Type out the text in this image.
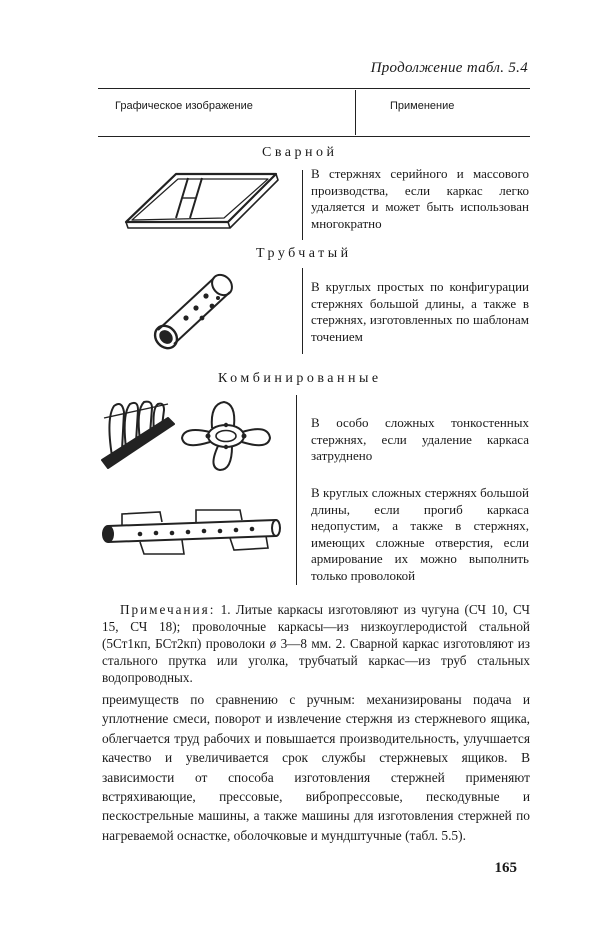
Продолжение табл. 5.4
Графическое изображение	Применение
Сварной

В стержнях серийного и массового производства, если каркас легко удаляется и может быть использован многократно

Трубчатый

В круглых простых по конфигурации стержнях большой длины, а также в стержнях, изготовленных по шаблонам точением

Комбинированные

В особо сложных тонкостенных стержнях, если удаление каркаса затруднено

В круглых сложных стержнях большой длины, если прогиб каркаса недопустим, а также в стержнях, имеющих сложные отверстия, если армирование их можно выполнить только проволокой

Примечания: 1. Литые каркасы изготовляют из чугуна (СЧ 10, СЧ 15, СЧ 18); проволочные каркасы—из низкоуглеродистой стальной (5Ст1кп, БСт2кп) проволоки ø 3—8 мм. 2. Сварной каркас изготовляют из стального прутка или уголка, трубчатый каркас—из труб стальных водопроводных.

преимуществ по сравнению с ручным: механизированы подача и уплотнение смеси, поворот и извлечение стержня из стержневого ящика, облегчается труд рабочих и повышается производительность, улучшается качество и увеличивается срок службы стержневых ящиков. В зависимости от способа изготовления стержней применяют встряхивающие, прессовые, вибропрессовые, пескодувные и пескострельные машины, а также машины для изготовления стержней по нагреваемой оснастке, оболочковые и мундштучные (табл. 5.5).

165
